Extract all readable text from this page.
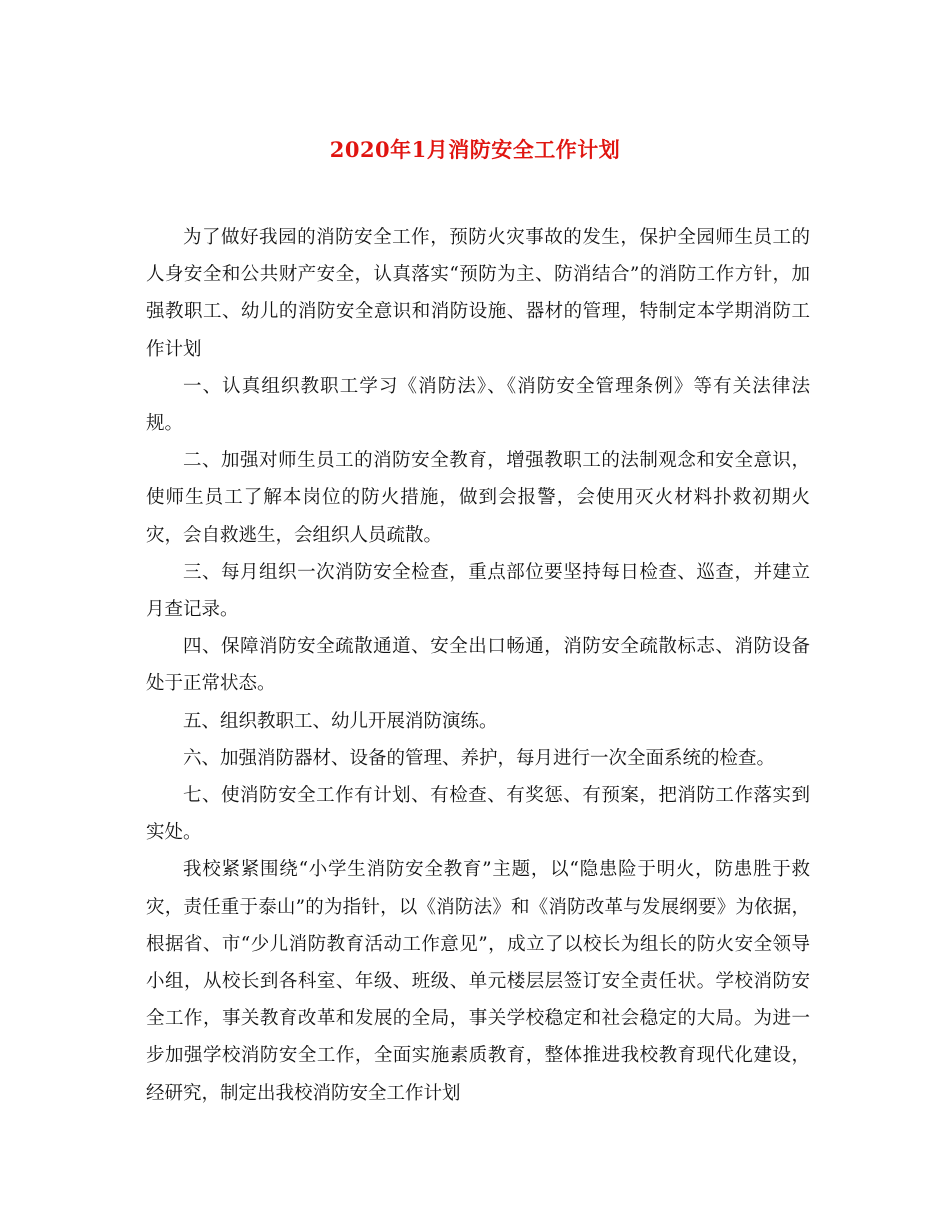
2020年1月消防安全工作计划

为了做好我园的消防安全工作，预防火灾事故的发生，保护全园师生员工的人身安全和公共财产安全，认真落实“预防为主、防消结合”的消防工作方针，加强教职工、幼儿的消防安全意识和消防设施、器材的管理，特制定本学期消防工作计划

一、认真组织教职工学习《消防法》、《消防安全管理条例》等有关法律法规。

二、加强对师生员工的消防安全教育，增强教职工的法制观念和安全意识，使师生员工了解本岗位的防火措施，做到会报警，会使用灭火材料扑救初期火灾，会自救逃生，会组织人员疏散。

三、每月组织一次消防安全检查，重点部位要坚持每日检查、巡查，并建立月查记录。

四、保障消防安全疏散通道、安全出口畅通，消防安全疏散标志、消防设备处于正常状态。

五、组织教职工、幼儿开展消防演练。

六、加强消防器材、设备的管理、养护，每月进行一次全面系统的检查。

七、使消防安全工作有计划、有检查、有奖惩、有预案，把消防工作落实到实处。

我校紧紧围绕“小学生消防安全教育”主题，以“隐患险于明火，防患胜于救灾，责任重于泰山”的为指针，以《消防法》和《消防改革与发展纲要》为依据，根据省、市“少儿消防教育活动工作意见”，成立了以校长为组长的防火安全领导小组，从校长到各科室、年级、班级、单元楼层层签订安全责任状。学校消防安全工作，事关教育改革和发展的全局，事关学校稳定和社会稳定的大局。为进一步加强学校消防安全工作，全面实施素质教育，整体推进我校教育现代化建设，经研究，制定出我校消防安全工作计划
